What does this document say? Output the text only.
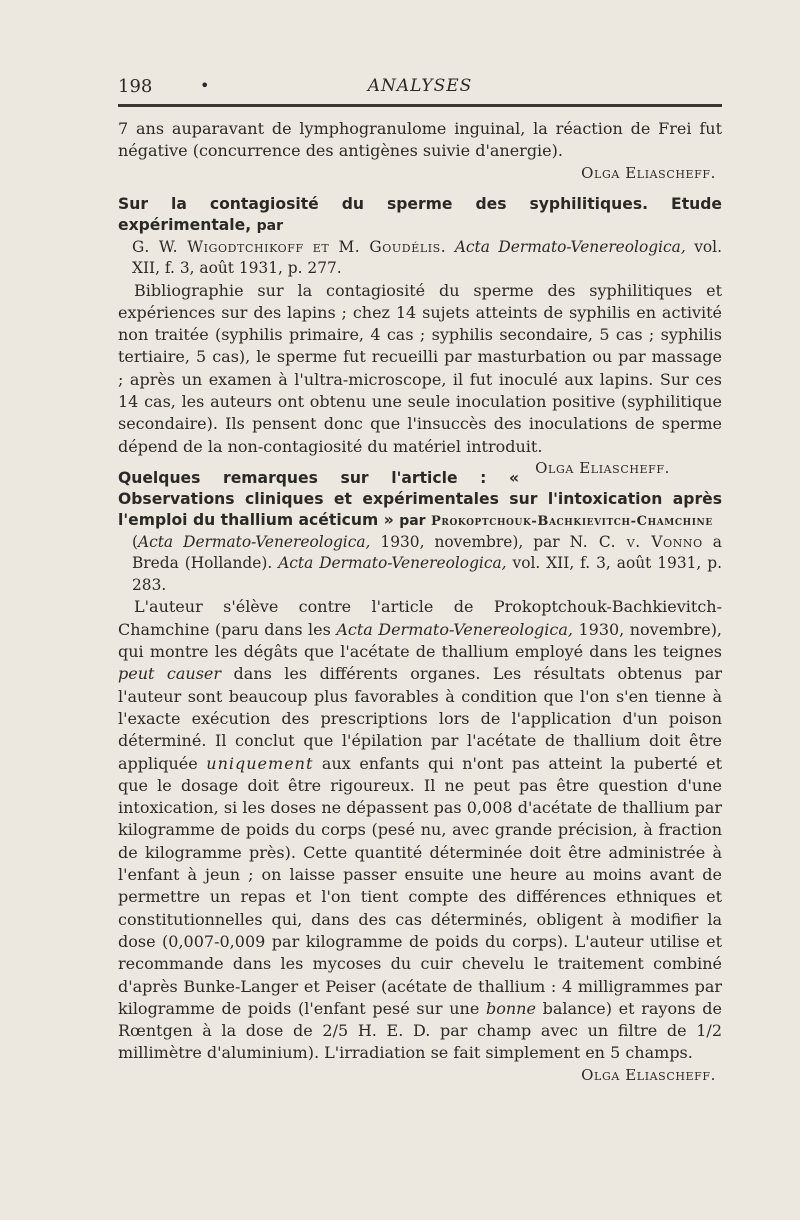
198	•	ANALYSES

7 ans auparavant de lymphogranulome inguinal, la réaction de Frei fut négative (concurrence des antigènes suivie d'anergie).

Olga Eliascheff.

Sur la contagiosité du sperme des syphilitiques. Etude expérimentale, par

G. W. Wigodtchikoff et M. Goudélis. Acta Dermato-Venereologica, vol. XII, f. 3, août 1931, p. 277.

Bibliographie sur la contagiosité du sperme des syphilitiques et expériences sur des lapins ; chez 14 sujets atteints de syphilis en activité non traitée (syphilis primaire, 4 cas ; syphilis secondaire, 5 cas ; syphilis tertiaire, 5 cas), le sperme fut recueilli par masturbation ou par massage ; après un examen à l'ultra-microscope, il fut inoculé aux lapins. Sur ces 14 cas, les auteurs ont obtenu une seule inoculation positive (syphilitique secondaire). Ils pensent donc que l'insuccès des inoculations de sperme dépend de la non-contagiosité du matériel introduit.
Olga Eliascheff.

Quelques remarques sur l'article : « Observations cliniques et expérimentales sur l'intoxication après l'emploi du thallium acéticum » par Prokoptchouk-Bachkievitch-Chamchine

(Acta Dermato-Venereologica, 1930, novembre), par N. C. v. Vonno a Breda (Hollande). Acta Dermato-Venereologica, vol. XII, f. 3, août 1931, p. 283.

L'auteur s'élève contre l'article de Prokoptchouk-Bachkievitch-Chamchine (paru dans les Acta Dermato-Venereologica, 1930, novembre), qui montre les dégâts que l'acétate de thallium employé dans les teignes peut causer dans les différents organes. Les résultats obtenus par l'auteur sont beaucoup plus favorables à condition que l'on s'en tienne à l'exacte exécution des prescriptions lors de l'application d'un poison déterminé. Il conclut que l'épilation par l'acétate de thallium doit être appliquée uniquement aux enfants qui n'ont pas atteint la puberté et que le dosage doit être rigoureux. Il ne peut pas être question d'une intoxication, si les doses ne dépassent pas 0,008 d'acétate de thallium par kilogramme de poids du corps (pesé nu, avec grande précision, à fraction de kilogramme près). Cette quantité déterminée doit être administrée à l'enfant à jeun ; on laisse passer ensuite une heure au moins avant de permettre un repas et l'on tient compte des différences ethniques et constitutionnelles qui, dans des cas déterminés, obligent à modifier la dose (0,007-0,009 par kilogramme de poids du corps). L'auteur utilise et recommande dans les mycoses du cuir chevelu le traitement combiné d'après Bunke-Langer et Peiser (acétate de thallium : 4 milligrammes par kilogramme de poids (l'enfant pesé sur une bonne balance) et rayons de Rœntgen à la dose de 2/5 H. E. D. par champ avec un filtre de 1/2 millimètre d'aluminium). L'irradiation se fait simplement en 5 champs.

Olga Eliascheff.
